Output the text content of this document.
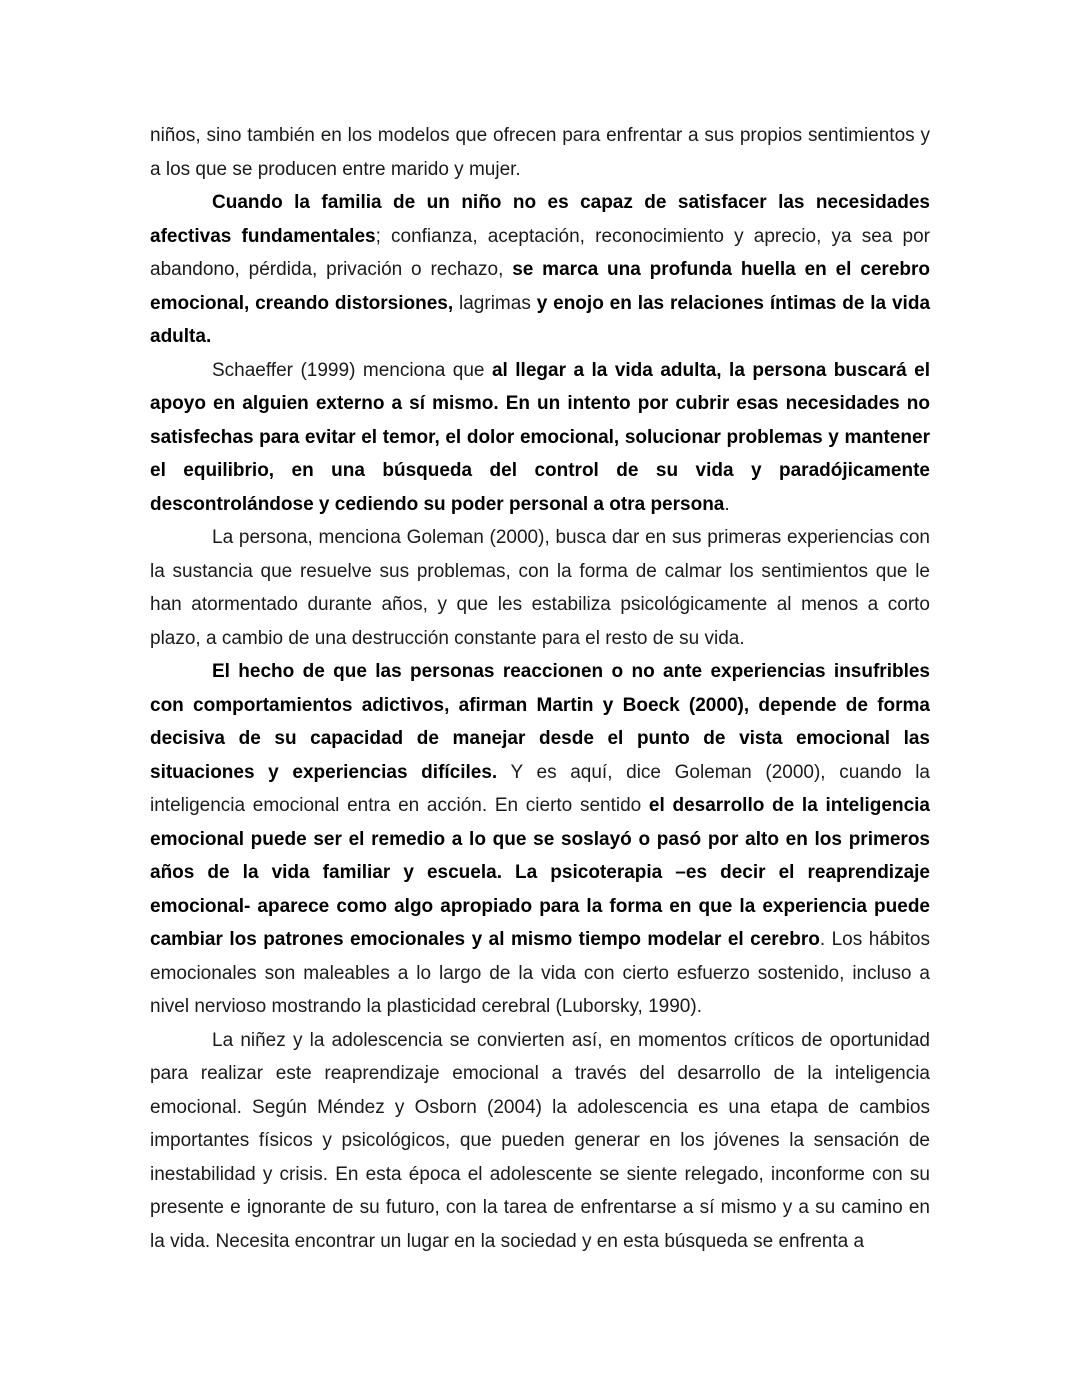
niños, sino también en los modelos que ofrecen para enfrentar a sus propios sentimientos y a los que se producen entre marido y mujer.

Cuando la familia de un niño no es capaz de satisfacer las necesidades afectivas fundamentales; confianza, aceptación, reconocimiento y aprecio, ya sea por abandono, pérdida, privación o rechazo, se marca una profunda huella en el cerebro emocional, creando distorsiones, lagrimas y enojo en las relaciones íntimas de la vida adulta.

Schaeffer (1999) menciona que al llegar a la vida adulta, la persona buscará el apoyo en alguien externo a sí mismo. En un intento por cubrir esas necesidades no satisfechas para evitar el temor, el dolor emocional, solucionar problemas y mantener el equilibrio, en una búsqueda del control de su vida y paradójicamente descontrolándose y cediendo su poder personal a otra persona.

La persona, menciona Goleman (2000), busca dar en sus primeras experiencias con la sustancia que resuelve sus problemas, con la forma de calmar los sentimientos que le han atormentado durante años, y que les estabiliza psicológicamente al menos a corto plazo, a cambio de una destrucción constante para el resto de su vida.

El hecho de que las personas reaccionen o no ante experiencias insufribles con comportamientos adictivos, afirman Martin y Boeck (2000), depende de forma decisiva de su capacidad de manejar desde el punto de vista emocional las situaciones y experiencias difíciles. Y es aquí, dice Goleman (2000), cuando la inteligencia emocional entra en acción. En cierto sentido el desarrollo de la inteligencia emocional puede ser el remedio a lo que se soslayó o pasó por alto en los primeros años de la vida familiar y escuela. La psicoterapia –es decir el reaprendizaje emocional- aparece como algo apropiado para la forma en que la experiencia puede cambiar los patrones emocionales y al mismo tiempo modelar el cerebro. Los hábitos emocionales son maleables a lo largo de la vida con cierto esfuerzo sostenido, incluso a nivel nervioso mostrando la plasticidad cerebral (Luborsky, 1990).

La niñez y la adolescencia se convierten así, en momentos críticos de oportunidad para realizar este reaprendizaje emocional a través del desarrollo de la inteligencia emocional. Según Méndez y Osborn (2004) la adolescencia es una etapa de cambios importantes físicos y psicológicos, que pueden generar en los jóvenes la sensación de inestabilidad y crisis. En esta época el adolescente se siente relegado, inconforme con su presente e ignorante de su futuro, con la tarea de enfrentarse a sí mismo y a su camino en la vida. Necesita encontrar un lugar en la sociedad y en esta búsqueda se enfrenta a
